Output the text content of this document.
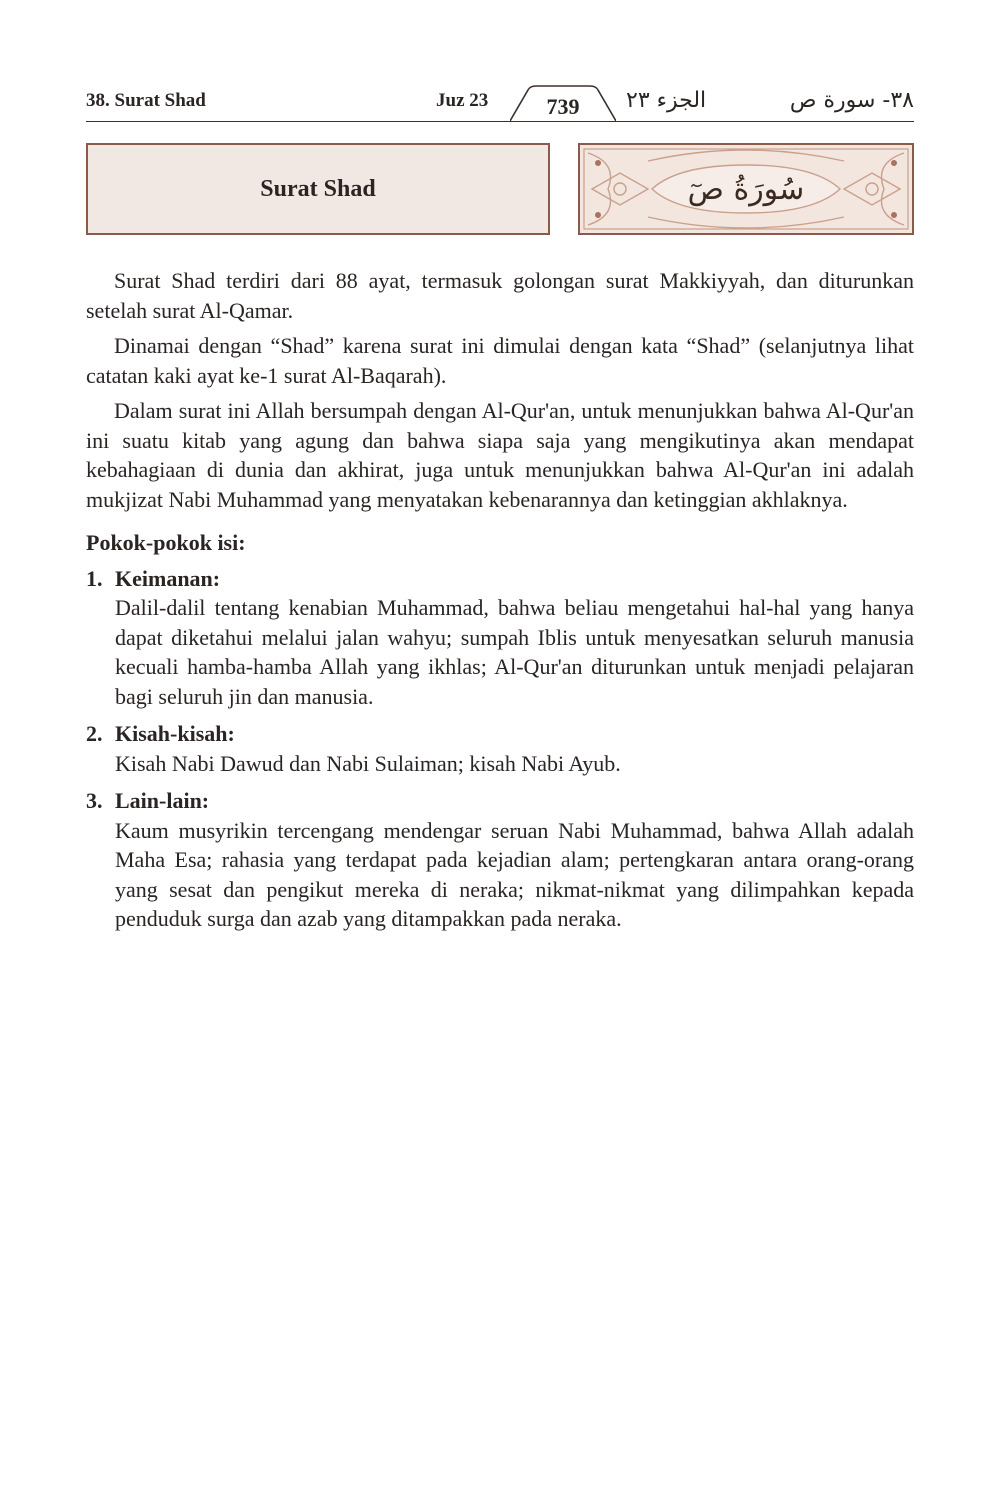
38. Surat Shad	Juz 23	739	الجزء ٢٣	٣٨- سورة ص
Surat Shad	سُورَةُ صٓ

Surat Shad terdiri dari 88 ayat, termasuk golongan surat Makkiyyah, dan diturunkan setelah surat Al-Qamar.

Dinamai dengan “Shad” karena surat ini dimulai dengan kata “Shad” (selanjutnya lihat catatan kaki ayat ke-1 surat Al-Baqarah).

Dalam surat ini Allah bersumpah dengan Al-Qur'an, untuk menunjukkan bahwa Al-Qur'an ini suatu kitab yang agung dan bahwa siapa saja yang mengikutinya akan mendapat kebahagiaan di dunia dan akhirat, juga untuk menunjukkan bahwa Al-Qur'an ini adalah mukjizat Nabi Muhammad yang menyatakan kebenarannya dan ketinggian akhlaknya.

Pokok-pokok isi:
1. Keimanan:
Dalil-dalil tentang kenabian Muhammad, bahwa beliau mengetahui hal-hal yang hanya dapat diketahui melalui jalan wahyu; sumpah Iblis untuk menyesatkan seluruh manusia kecuali hamba-hamba Allah yang ikhlas; Al-Qur'an diturunkan untuk menjadi pelajaran bagi seluruh jin dan manusia.
2. Kisah-kisah:
Kisah Nabi Dawud dan Nabi Sulaiman; kisah Nabi Ayub.
3. Lain-lain:
Kaum musyrikin tercengang mendengar seruan Nabi Muhammad, bahwa Allah adalah Maha Esa; rahasia yang terdapat pada kejadian alam; pertengkaran antara orang-orang yang sesat dan pengikut mereka di neraka; nikmat-nikmat yang dilimpahkan kepada penduduk surga dan azab yang ditampakkan pada neraka.
